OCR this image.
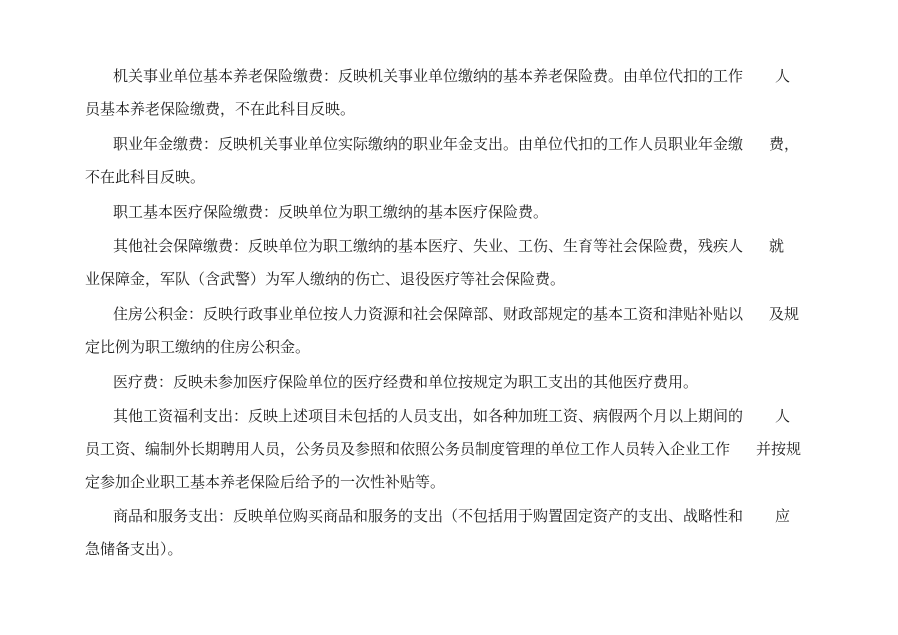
机关事业单位基本养老保险缴费：反映机关事业单位缴纳的基本养老保险费。由单位代扣的工作 人
员基本养老保险缴费，不在此科目反映。

职业年金缴费：反映机关事业单位实际缴纳的职业年金支出。由单位代扣的工作人员职业年金缴 费，
不在此科目反映。

职工基本医疗保险缴费：反映单位为职工缴纳的基本医疗保险费。

其他社会保障缴费：反映单位为职工缴纳的基本医疗、失业、工伤、生育等社会保险费，残疾人 就
业保障金，军队（含武警）为军人缴纳的伤亡、退役医疗等社会保险费。

住房公积金：反映行政事业单位按人力资源和社会保障部、财政部规定的基本工资和津贴补贴以 及规
定比例为职工缴纳的住房公积金。

医疗费：反映未参加医疗保险单位的医疗经费和单位按规定为职工支出的其他医疗费用。

其他工资福利支出：反映上述项目未包括的人员支出，如各种加班工资、病假两个月以上期间的 人
员工资、编制外长期聘用人员，公务员及参照和依照公务员制度管理的单位工作人员转入企业工作 并按规
定参加企业职工基本养老保险后给予的一次性补贴等。

商品和服务支出：反映单位购买商品和服务的支出（不包括用于购置固定资产的支出、战略性和 应
急储备支出）。
